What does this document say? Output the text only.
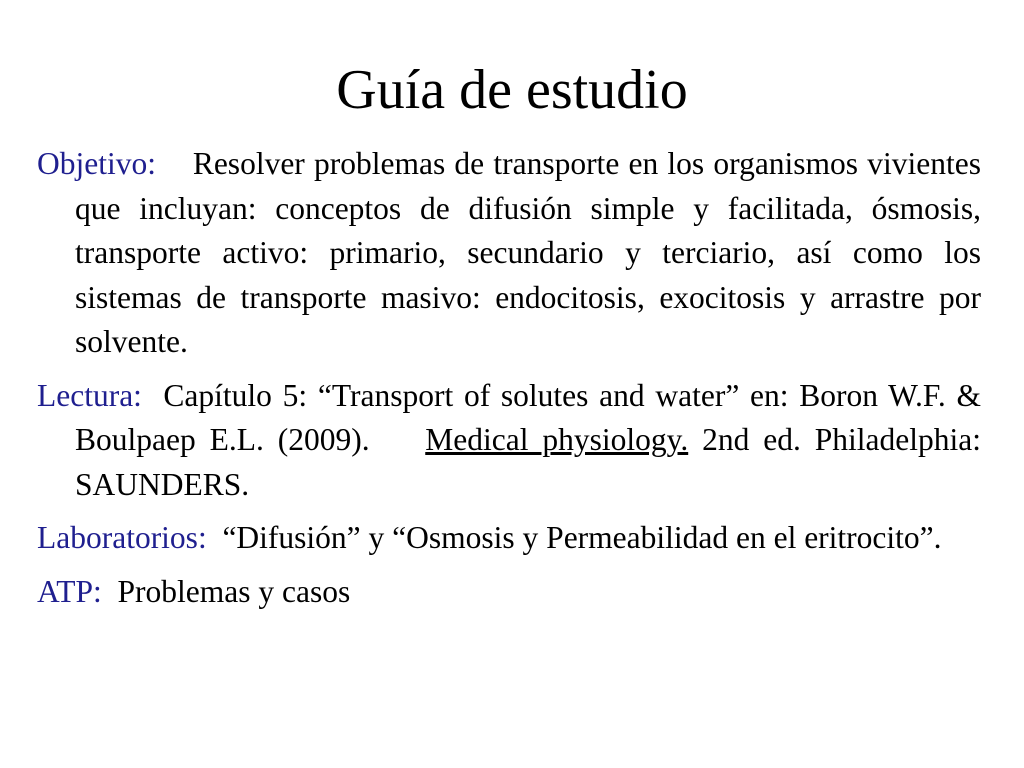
Guía de estudio

Objetivo: Resolver problemas de transporte en los organismos vivientes que incluyan: conceptos de difusión simple y facilitada, ósmosis, transporte activo: primario, secundario y terciario, así como los sistemas de transporte masivo: endocitosis, exocitosis y arrastre por solvente.

Lectura: Capítulo 5: “Transport of solutes and water” en: Boron W.F. & Boulpaep E.L. (2009). Medical physiology. 2nd ed. Philadelphia: SAUNDERS.

Laboratorios: “Difusión” y “Osmosis y Permeabilidad en el eritrocito”.

ATP: Problemas y casos
